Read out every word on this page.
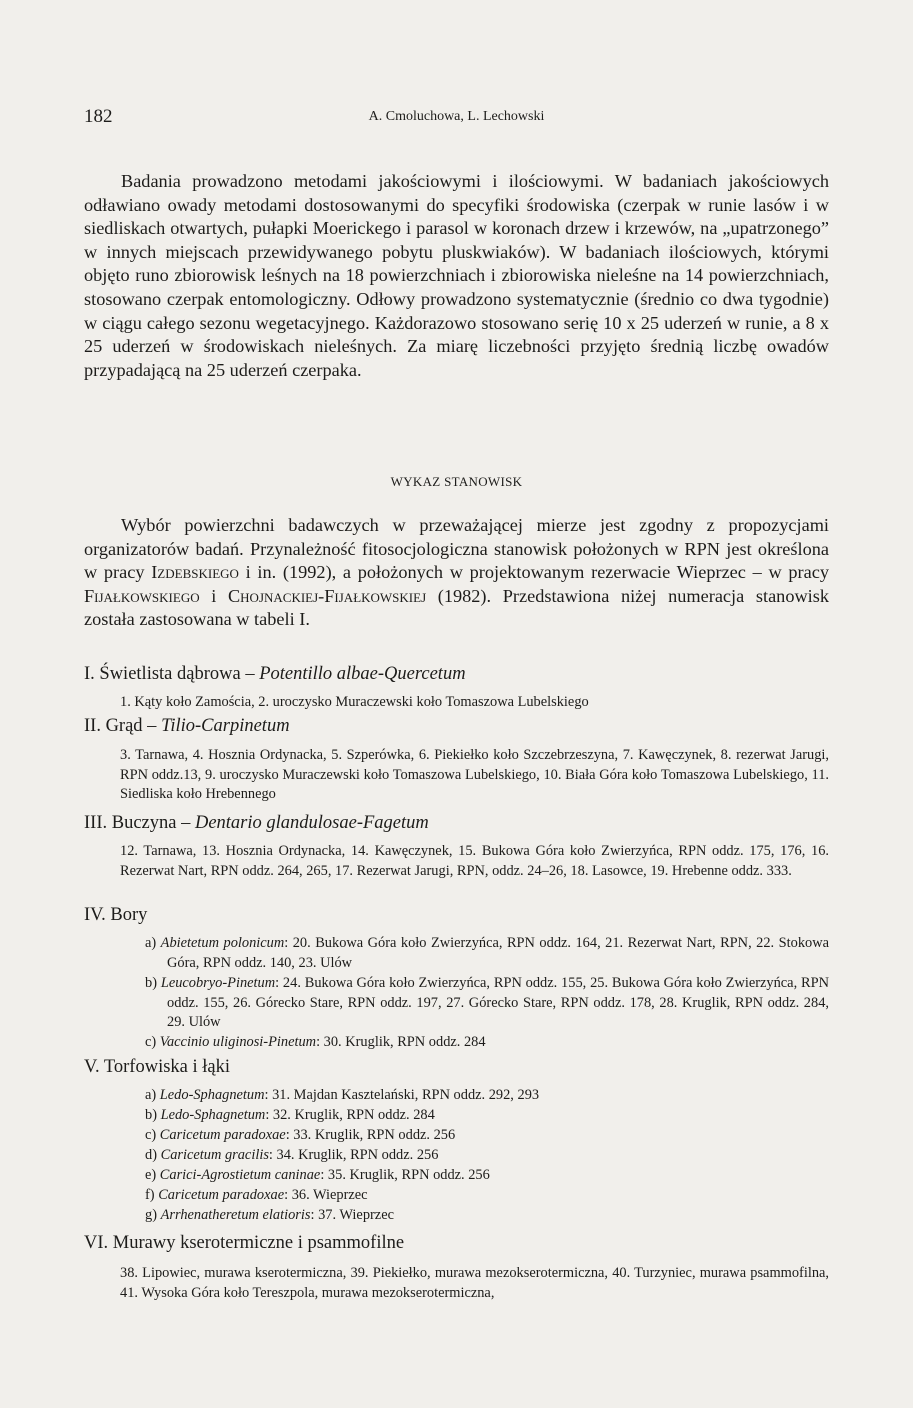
182	A. Cmoluchowa, L. Lechowski

Badania prowadzono metodami jakościowymi i ilościowymi. W badaniach jakościowych odławiano owady metodami dostosowanymi do specyfiki środowiska (czerpak w runie lasów i w siedliskach otwartych, pułapki Moerickego i parasol w koronach drzew i krzewów, na „upatrzonego” w innych miejscach przewidywanego pobytu pluskwiaków). W badaniach ilościowych, którymi objęto runo zbiorowisk leśnych na 18 powierzchniach i zbiorowiska nieleśne na 14 powierzchniach, stosowano czerpak entomologiczny. Odłowy prowadzono systematycznie (średnio co dwa tygodnie) w ciągu całego sezonu wegetacyjnego. Każdorazowo stosowano serię 10 x 25 uderzeń w runie, a 8 x 25 uderzeń w środowiskach nieleśnych. Za miarę liczebności przyjęto średnią liczbę owadów przypadającą na 25 uderzeń czerpaka.

WYKAZ STANOWISK

Wybór powierzchni badawczych w przeważającej mierze jest zgodny z propozycjami organizatorów badań. Przynależność fitosocjologiczna stanowisk położonych w RPN jest określona w pracy Izdebskiego i in. (1992), a położonych w projektowanym rezerwacie Wieprzec – w pracy Fijałkowskiego i Chojnackiej-Fijałkowskiej (1982). Przedstawiona niżej numeracja stanowisk została zastosowana w tabeli I.

I. Świetlista dąbrowa – Potentillo albae-Quercetum
1. Kąty koło Zamościa, 2. uroczysko Muraczewski koło Tomaszowa Lubelskiego
II. Grąd – Tilio-Carpinetum
3. Tarnawa, 4. Hosznia Ordynacka, 5. Szperówka, 6. Piekiełko koło Szczebrzeszyna, 7. Kawęczynek, 8. rezerwat Jarugi, RPN oddz.13, 9. uroczysko Muraczewski koło Tomaszowa Lubelskiego, 10. Biała Góra koło Tomaszowa Lubelskiego, 11. Siedliska koło Hrebennego
III. Buczyna – Dentario glandulosae-Fagetum
12. Tarnawa, 13. Hosznia Ordynacka, 14. Kawęczynek, 15. Bukowa Góra koło Zwierzyńca, RPN oddz. 175, 176, 16. Rezerwat Nart, RPN oddz. 264, 265, 17. Rezerwat Jarugi, RPN, oddz. 24–26, 18. Lasowce, 19. Hrebenne oddz. 333.
IV. Bory
a) Abietetum polonicum: 20. Bukowa Góra koło Zwierzyńca, RPN oddz. 164, 21. Rezerwat Nart, RPN, 22. Stokowa Góra, RPN oddz. 140, 23. Ulów
b) Leucobryo-Pinetum: 24. Bukowa Góra koło Zwierzyńca, RPN oddz. 155, 25. Bukowa Góra koło Zwierzyńca, RPN oddz. 155, 26. Górecko Stare, RPN oddz. 197, 27. Górecko Stare, RPN oddz. 178, 28. Kruglik, RPN oddz. 284, 29. Ulów
c) Vaccinio uliginosi-Pinetum: 30. Kruglik, RPN oddz. 284
V. Torfowiska i łąki
a) Ledo-Sphagnetum: 31. Majdan Kasztelański, RPN oddz. 292, 293
b) Ledo-Sphagnetum: 32. Kruglik, RPN oddz. 284
c) Caricetum paradoxae: 33. Kruglik, RPN oddz. 256
d) Caricetum gracilis: 34. Kruglik, RPN oddz. 256
e) Carici-Agrostietum caninae: 35. Kruglik, RPN oddz. 256
f) Caricetum paradoxae: 36. Wieprzec
g) Arrhenatheretum elatioris: 37. Wieprzec
VI. Murawy kserotermiczne i psammofilne
38. Lipowiec, murawa kserotermiczna, 39. Piekiełko, murawa mezokserotermiczna, 40. Turzyniec, murawa psammofilna, 41. Wysoka Góra koło Tereszpola, murawa mezokserotermiczna,
